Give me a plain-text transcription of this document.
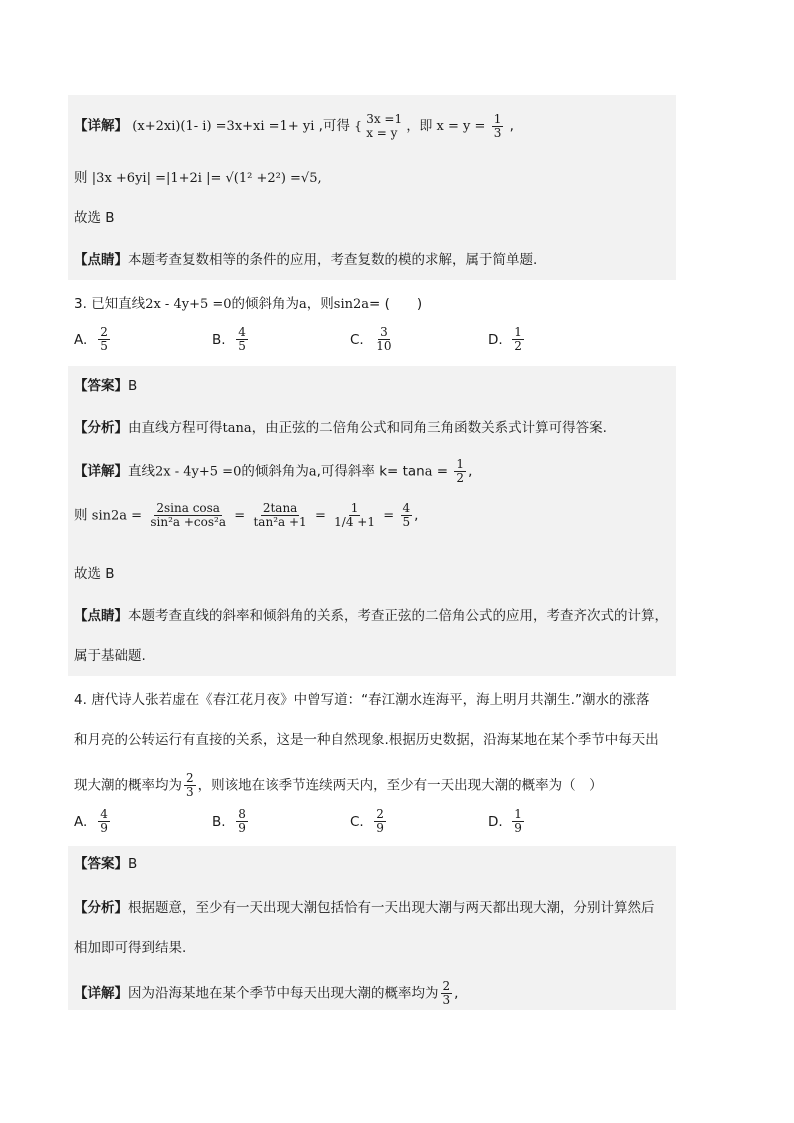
【详解】 (x+2xi)(1- i) =3x+xi =1+ yi ,可得 { 3x =1
x = y ，即 $x = y = \frac{1}{3}$ ,
则 |3x +6yi| =|1+2i |= √(1² +2²) =√5,
故选 B
【点睛】本题考查复数相等的条件的应用，考查复数的模的求解，属于简单题.
3. 已知直线2x - 4y+5 =0的倾斜角为a，则sin2a= (　　)
A. $\frac{2}{5}$	B. $\frac{4}{5}$	C. $\frac{3}{10}$	D. $\frac{1}{2}$
【答案】B
【分析】由直线方程可得tana，由正弦的二倍角公式和同角三角函数关系式计算可得答案.
【详解】直线2x - 4y+5 =0的倾斜角为a,可得斜率 $k= \tan a = \frac{1}{2}$ ,
则 $\sin 2a = \frac{\text{2sina cosa}}{\text{sin²a +cos²a}} = \frac{2\tan a}{\text{tan²a +1}} = \frac{1}{1/4 +1} = \frac{4}{5}$ ,
故选 B
【点睛】本题考查直线的斜率和倾斜角的关系，考查正弦的二倍角公式的应用，考查齐次式的计算，
属于基础题.
4. 唐代诗人张若虚在《春江花月夜》中曾写道：“春江潮水连海平，海上明月共潮生.”潮水的涨落
和月亮的公转运行有直接的关系，这是一种自然现象.根据历史数据，沿海某地在某个季节中每天出
现大潮的概率均为 $\frac{2}{3}$ ，则该地在该季节连续两天内，至少有一天出现大潮的概率为（　）
A. $\frac{4}{9}$	B. $\frac{8}{9}$	C. $\frac{2}{9}$	D. $\frac{1}{9}$
【答案】B
【分析】根据题意，至少有一天出现大潮包括恰有一天出现大潮与两天都出现大潮，分别计算然后
相加即可得到结果.
【详解】因为沿海某地在某个季节中每天出现大潮的概率均为 $\frac{2}{3}$ ,
